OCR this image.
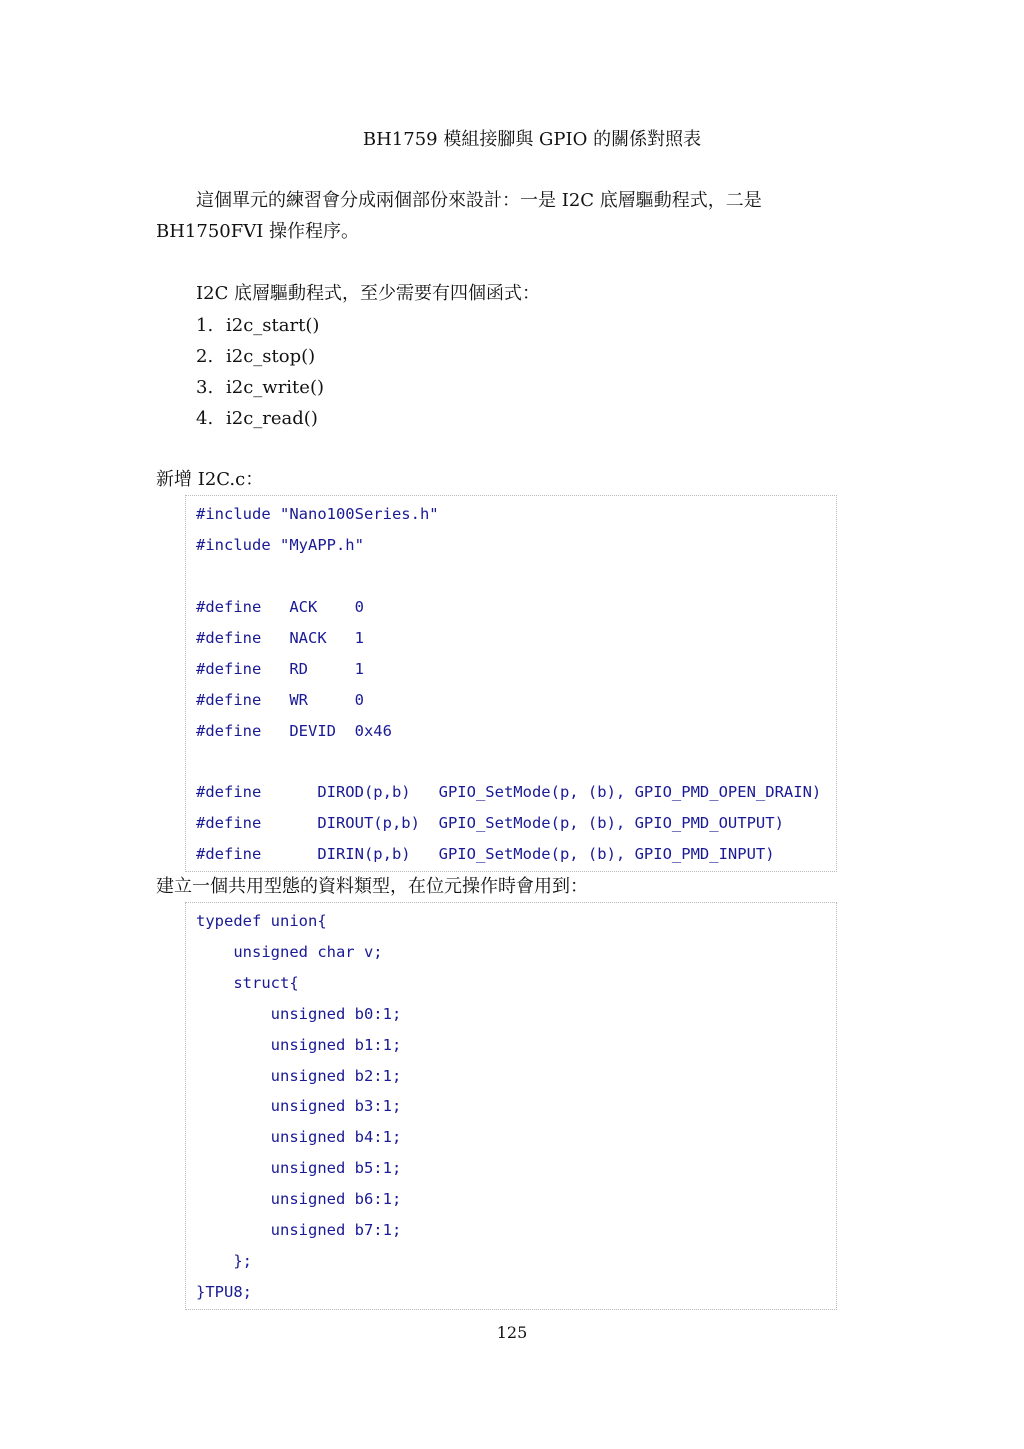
BH1759 模組接腳與 GPIO 的關係對照表
這個單元的練習會分成兩個部份來設計：一是 I2C 底層驅動程式，二是
BH1750FVI 操作程序。
I2C 底層驅動程式，至少需要有四個函式：
1. i2c_start()
2. i2c_stop()
3. i2c_write()
4. i2c_read()
新增 I2C.c：
#include "Nano100Series.h"
#include "MyAPP.h"
#define   ACK    0
#define   NACK   1
#define   RD     1
#define   WR     0
#define   DEVID  0x46
#define      DIROD(p,b)   GPIO_SetMode(p, (b), GPIO_PMD_OPEN_DRAIN)
#define      DIROUT(p,b)  GPIO_SetMode(p, (b), GPIO_PMD_OUTPUT)
#define      DIRIN(p,b)   GPIO_SetMode(p, (b), GPIO_PMD_INPUT)
建立一個共用型態的資料類型，在位元操作時會用到：
typedef union{
unsigned char v;
struct{
unsigned b0:1;
unsigned b1:1;
unsigned b2:1;
unsigned b3:1;
unsigned b4:1;
unsigned b5:1;
unsigned b6:1;
unsigned b7:1;
};
}TPU8;
125
